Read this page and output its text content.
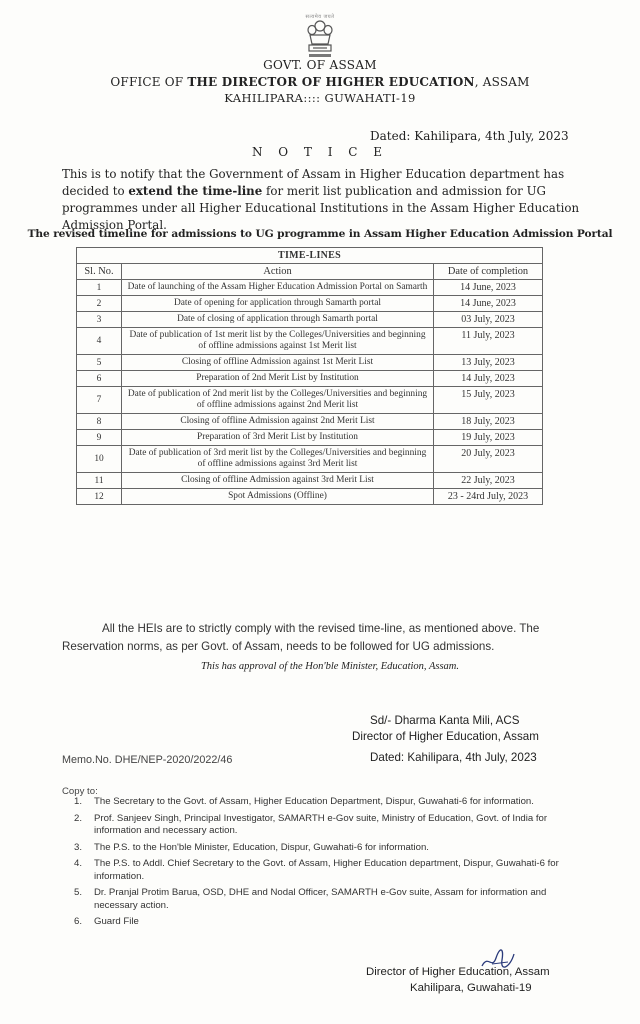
सत्यमेव जयते
GOVT. OF ASSAM
OFFICE OF THE DIRECTOR OF HIGHER EDUCATION, ASSAM
KAHILIPARA:::: GUWAHATI-19
Dated: Kahilipara, 4th July, 2023
N O T I C E
This is to notify that the Government of Assam in Higher Education department has decided to extend the time-line for merit list publication and admission for UG programmes under all Higher Educational Institutions in the Assam Higher Education Admission Portal.
The revised timeline for admissions to UG programme in Assam Higher Education Admission Portal
TIME-LINES		
Sl. No.	Action	Date of completion
1	Date of launching of the Assam Higher Education Admission Portal on Samarth	14 June, 2023
2	Date of opening for application through Samarth portal	14 June, 2023
3	Date of closing of application through Samarth portal	03 July, 2023
4	Date of publication of 1st merit list by the Colleges/Universities and beginning of offline admissions against 1st Merit list	11 July, 2023
5	Closing of offline Admission against 1st Merit List	13 July, 2023
6	Preparation of 2nd Merit List by Institution	14 July, 2023
7	Date of publication of 2nd merit list by the Colleges/Universities and beginning of offline admissions against 2nd Merit list	15 July, 2023
8	Closing of offline Admission against 2nd Merit List	18 July, 2023
9	Preparation of 3rd Merit List by Institution	19 July, 2023
10	Date of publication of 3rd merit list by the Colleges/Universities and beginning of offline admissions against 3rd Merit list	20 July, 2023
11	Closing of offline Admission against 3rd Merit List	22 July, 2023
12	Spot Admissions (Offline)	23 - 24rd July, 2023
All the HEIs are to strictly comply with the revised time-line, as mentioned above. The Reservation norms, as per Govt. of Assam, needs to be followed for UG admissions.
This has approval of the Hon'ble Minister, Education, Assam.
Sd/- Dharma Kanta Mili, ACS
Director of Higher Education, Assam
Memo.No. DHE/NEP-2020/2022/46	Dated: Kahilipara, 4th July, 2023
Copy to:
1.	The Secretary to the Govt. of Assam, Higher Education Department, Dispur, Guwahati-6 for information.
2.	Prof. Sanjeev Singh, Principal Investigator, SAMARTH e-Gov suite, Ministry of Education, Govt. of India for information and necessary action.
3.	The P.S. to the Hon'ble Minister, Education, Dispur, Guwahati-6 for information.
4.	The P.S. to Addl. Chief Secretary to the Govt. of Assam, Higher Education department, Dispur, Guwahati-6 for information.
5.	Dr. Pranjal Protim Barua, OSD, DHE and Nodal Officer, SAMARTH e-Gov suite, Assam for information and necessary action.
6.	Guard File
Director of Higher Education, Assam
Kahilipara, Guwahati-19
